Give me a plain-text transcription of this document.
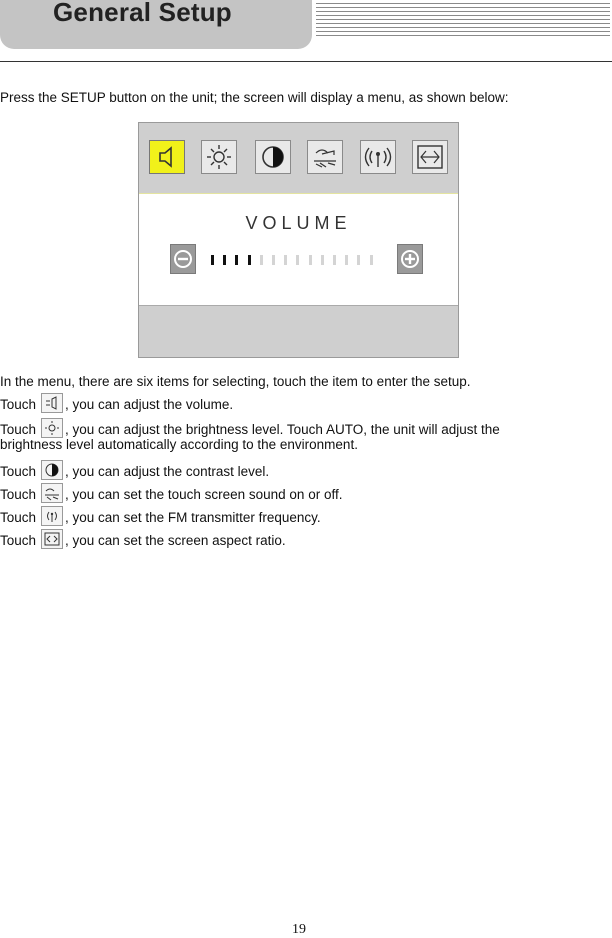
General Setup
Press the SETUP button on the unit; the screen will display a menu, as shown below:
VOLUME
In the menu, there are six items for selecting, touch the item to enter the setup.
Touch , you can adjust the volume.
Touch , you can adjust the brightness level. Touch AUTO, the unit will adjust the
brightness level automatically according to the environment.
Touch , you can adjust the contrast level.
Touch , you can set the touch screen sound on or off.
Touch , you can set the FM transmitter frequency.
Touch , you can set the screen aspect ratio.
19
